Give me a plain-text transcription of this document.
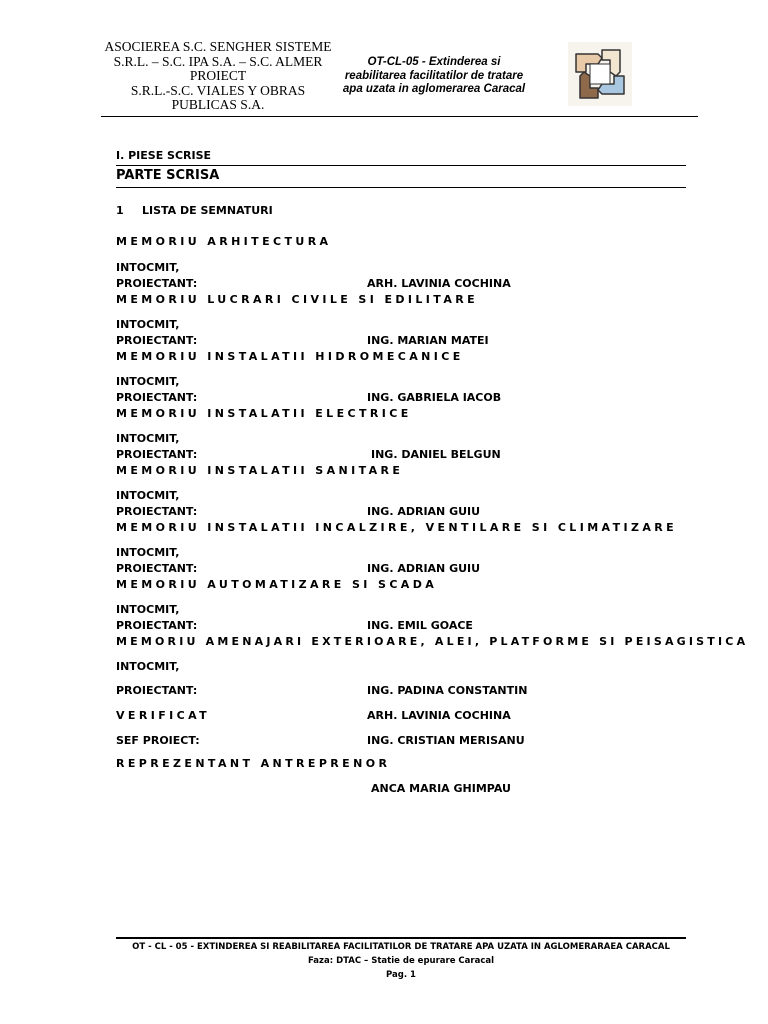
ASOCIEREA S.C. SENGHER SISTEME
S.R.L. – S.C. IPA S.A. – S.C. ALMER
PROIECT
S.R.L.-S.C. VIALES Y OBRAS
PUBLICAS S.A.
OT-CL-05 - Extinderea si
reabilitarea facilitatilor de tratare
apa uzata in aglomerarea Caracal
I. PIESE SCRISE
PARTE SCRISA
1 LISTA DE SEMNATURI
MEMORIU ARHITECTURA
INTOCMIT,
PROIECTANT:	ARH. LAVINIA COCHINA
MEMORIU LUCRARI CIVILE SI EDILITARE
INTOCMIT,
PROIECTANT:	ING. MARIAN MATEI
MEMORIU INSTALATII HIDROMECANICE
INTOCMIT,
PROIECTANT:	ING. GABRIELA IACOB
MEMORIU INSTALATII ELECTRICE
INTOCMIT,
PROIECTANT:	ING. DANIEL BELGUN
MEMORIU INSTALATII SANITARE
INTOCMIT,
PROIECTANT:	ING. ADRIAN GUIU
MEMORIU INSTALATII INCALZIRE, VENTILARE SI CLIMATIZARE
INTOCMIT,
PROIECTANT:	ING. ADRIAN GUIU
MEMORIU AUTOMATIZARE SI SCADA
INTOCMIT,
PROIECTANT:	ING. EMIL GOACE
MEMORIU AMENAJARI EXTERIOARE, ALEI, PLATFORME SI PEISAGISTICA
INTOCMIT,
PROIECTANT:	ING. PADINA CONSTANTIN
VERIFICAT	ARH. LAVINIA COCHINA
SEF PROIECT:	ING. CRISTIAN MERISANU
REPREZENTANT ANTREPRENOR
ANCA MARIA GHIMPAU
OT - CL - 05 - EXTINDEREA SI REABILITAREA FACILITATILOR DE TRATARE APA UZATA IN AGLOMERARAEA CARACAL
Faza: DTAC – Statie de epurare Caracal
Pag. 1
